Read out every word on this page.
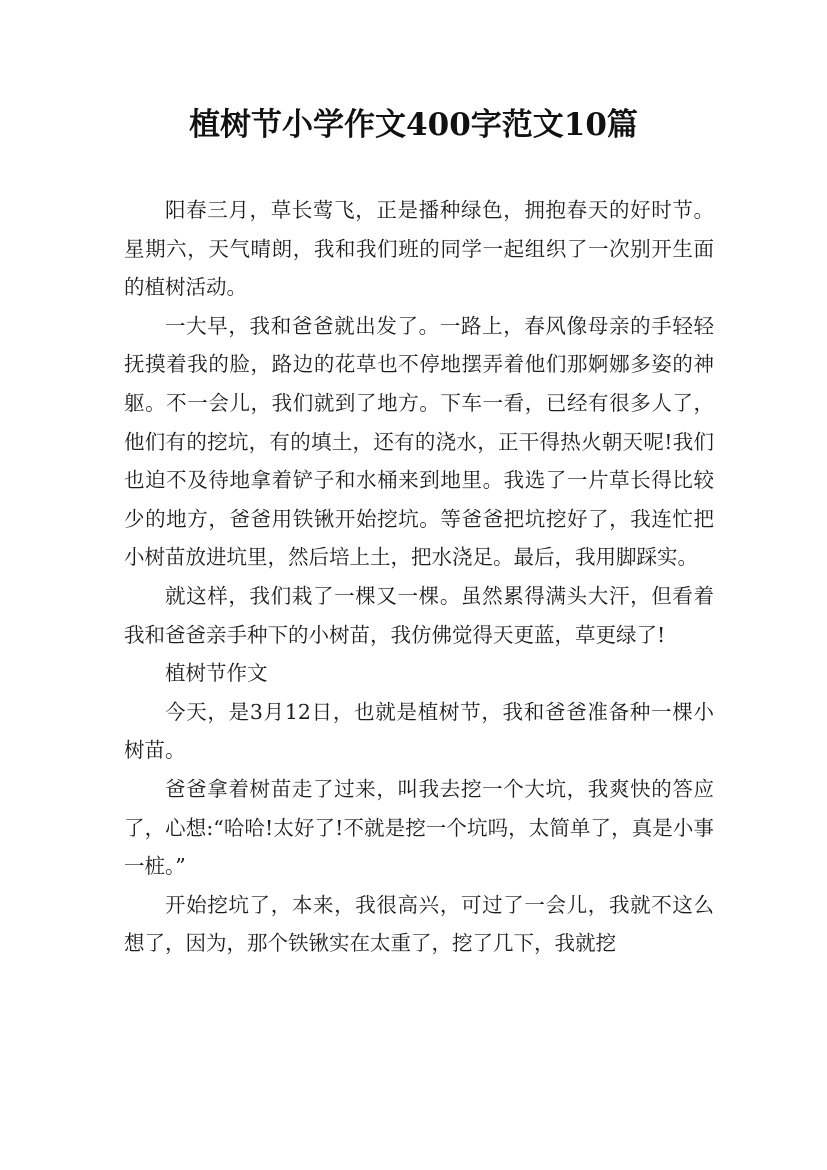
植树节小学作文400字范文10篇

阳春三月，草长莺飞，正是播种绿色，拥抱春天的好时节。星期六，天气晴朗，我和我们班的同学一起组织了一次别开生面的植树活动。

一大早，我和爸爸就出发了。一路上，春风像母亲的手轻轻抚摸着我的脸，路边的花草也不停地摆弄着他们那婀娜多姿的神躯。不一会儿，我们就到了地方。下车一看，已经有很多人了，他们有的挖坑，有的填土，还有的浇水，正干得热火朝天呢!我们也迫不及待地拿着铲子和水桶来到地里。我选了一片草长得比较少的地方，爸爸用铁锹开始挖坑。等爸爸把坑挖好了，我连忙把小树苗放进坑里，然后培上土，把水浇足。最后，我用脚踩实。

就这样，我们栽了一棵又一棵。虽然累得满头大汗，但看着我和爸爸亲手种下的小树苗，我仿佛觉得天更蓝，草更绿了!

植树节作文

今天，是3月12日，也就是植树节，我和爸爸准备种一棵小树苗。

爸爸拿着树苗走了过来，叫我去挖一个大坑，我爽快的答应了，心想:“哈哈!太好了!不就是挖一个坑吗，太简单了，真是小事一桩。”

开始挖坑了，本来，我很高兴，可过了一会儿，我就不这么想了，因为，那个铁锹实在太重了，挖了几下，我就挖
